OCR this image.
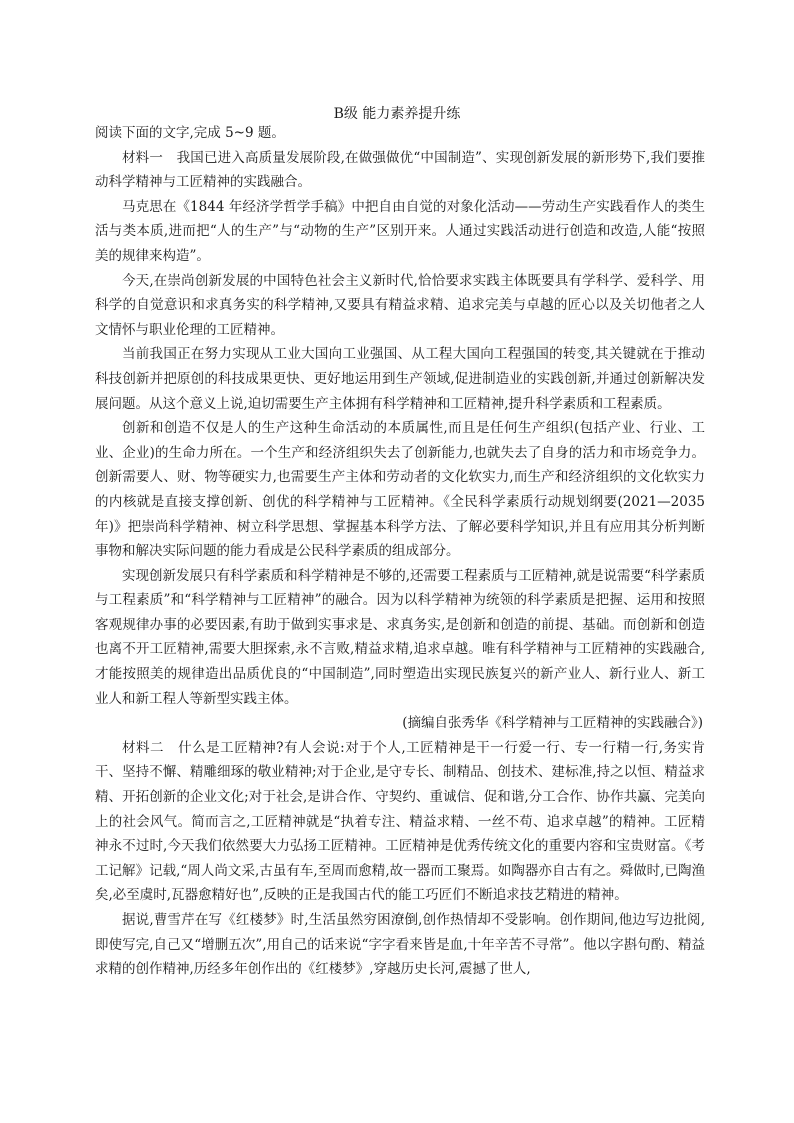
B级 能力素养提升练

阅读下面的文字,完成 5~9 题。

材料一　我国已进入高质量发展阶段,在做强做优“中国制造”、实现创新发展的新形势下,我们要推动科学精神与工匠精神的实践融合。

马克思在《1844 年经济学哲学手稿》中把自由自觉的对象化活动——劳动生产实践看作人的类生活与类本质,进而把“人的生产”与“动物的生产”区别开来。人通过实践活动进行创造和改造,人能“按照美的规律来构造”。

今天,在崇尚创新发展的中国特色社会主义新时代,恰恰要求实践主体既要具有学科学、爱科学、用科学的自觉意识和求真务实的科学精神,又要具有精益求精、追求完美与卓越的匠心以及关切他者之人文情怀与职业伦理的工匠精神。

当前我国正在努力实现从工业大国向工业强国、从工程大国向工程强国的转变,其关键就在于推动科技创新并把原创的科技成果更快、更好地运用到生产领域,促进制造业的实践创新,并通过创新解决发展问题。从这个意义上说,迫切需要生产主体拥有科学精神和工匠精神,提升科学素质和工程素质。

创新和创造不仅是人的生产这种生命活动的本质属性,而且是任何生产组织(包括产业、行业、工业、企业)的生命力所在。一个生产和经济组织失去了创新能力,也就失去了自身的活力和市场竞争力。创新需要人、财、物等硬实力,也需要生产主体和劳动者的文化软实力,而生产和经济组织的文化软实力的内核就是直接支撑创新、创优的科学精神与工匠精神。《全民科学素质行动规划纲要(2021—2035 年)》把崇尚科学精神、树立科学思想、掌握基本科学方法、了解必要科学知识,并且有应用其分析判断事物和解决实际问题的能力看成是公民科学素质的组成部分。

实现创新发展只有科学素质和科学精神是不够的,还需要工程素质与工匠精神,就是说需要“科学素质与工程素质”和“科学精神与工匠精神”的融合。因为以科学精神为统领的科学素质是把握、运用和按照客观规律办事的必要因素,有助于做到实事求是、求真务实,是创新和创造的前提、基础。而创新和创造也离不开工匠精神,需要大胆探索,永不言败,精益求精,追求卓越。唯有科学精神与工匠精神的实践融合,才能按照美的规律造出品质优良的“中国制造”,同时塑造出实现民族复兴的新产业人、新行业人、新工业人和新工程人等新型实践主体。

(摘编自张秀华《科学精神与工匠精神的实践融合》)

材料二　什么是工匠精神?有人会说:对于个人,工匠精神是干一行爱一行、专一行精一行,务实肯干、坚持不懈、精雕细琢的敬业精神;对于企业,是守专长、制精品、创技术、建标准,持之以恒、精益求精、开拓创新的企业文化;对于社会,是讲合作、守契约、重诚信、促和谐,分工合作、协作共赢、完美向上的社会风气。简而言之,工匠精神就是“执着专注、精益求精、一丝不苟、追求卓越”的精神。工匠精神永不过时,今天我们依然要大力弘扬工匠精神。工匠精神是优秀传统文化的重要内容和宝贵财富。《考工记解》记载,“周人尚文采,古虽有车,至周而愈精,故一器而工聚焉。如陶器亦自古有之。舜做时,已陶渔矣,必至虞时,瓦器愈精好也”,反映的正是我国古代的能工巧匠们不断追求技艺精进的精神。

据说,曹雪芹在写《红楼梦》时,生活虽然穷困潦倒,创作热情却不受影响。创作期间,他边写边批阅,即使写完,自己又“增删五次”,用自己的话来说“字字看来皆是血,十年辛苦不寻常”。他以字斟句酌、精益求精的创作精神,历经多年创作出的《红楼梦》,穿越历史长河,震撼了世人,
